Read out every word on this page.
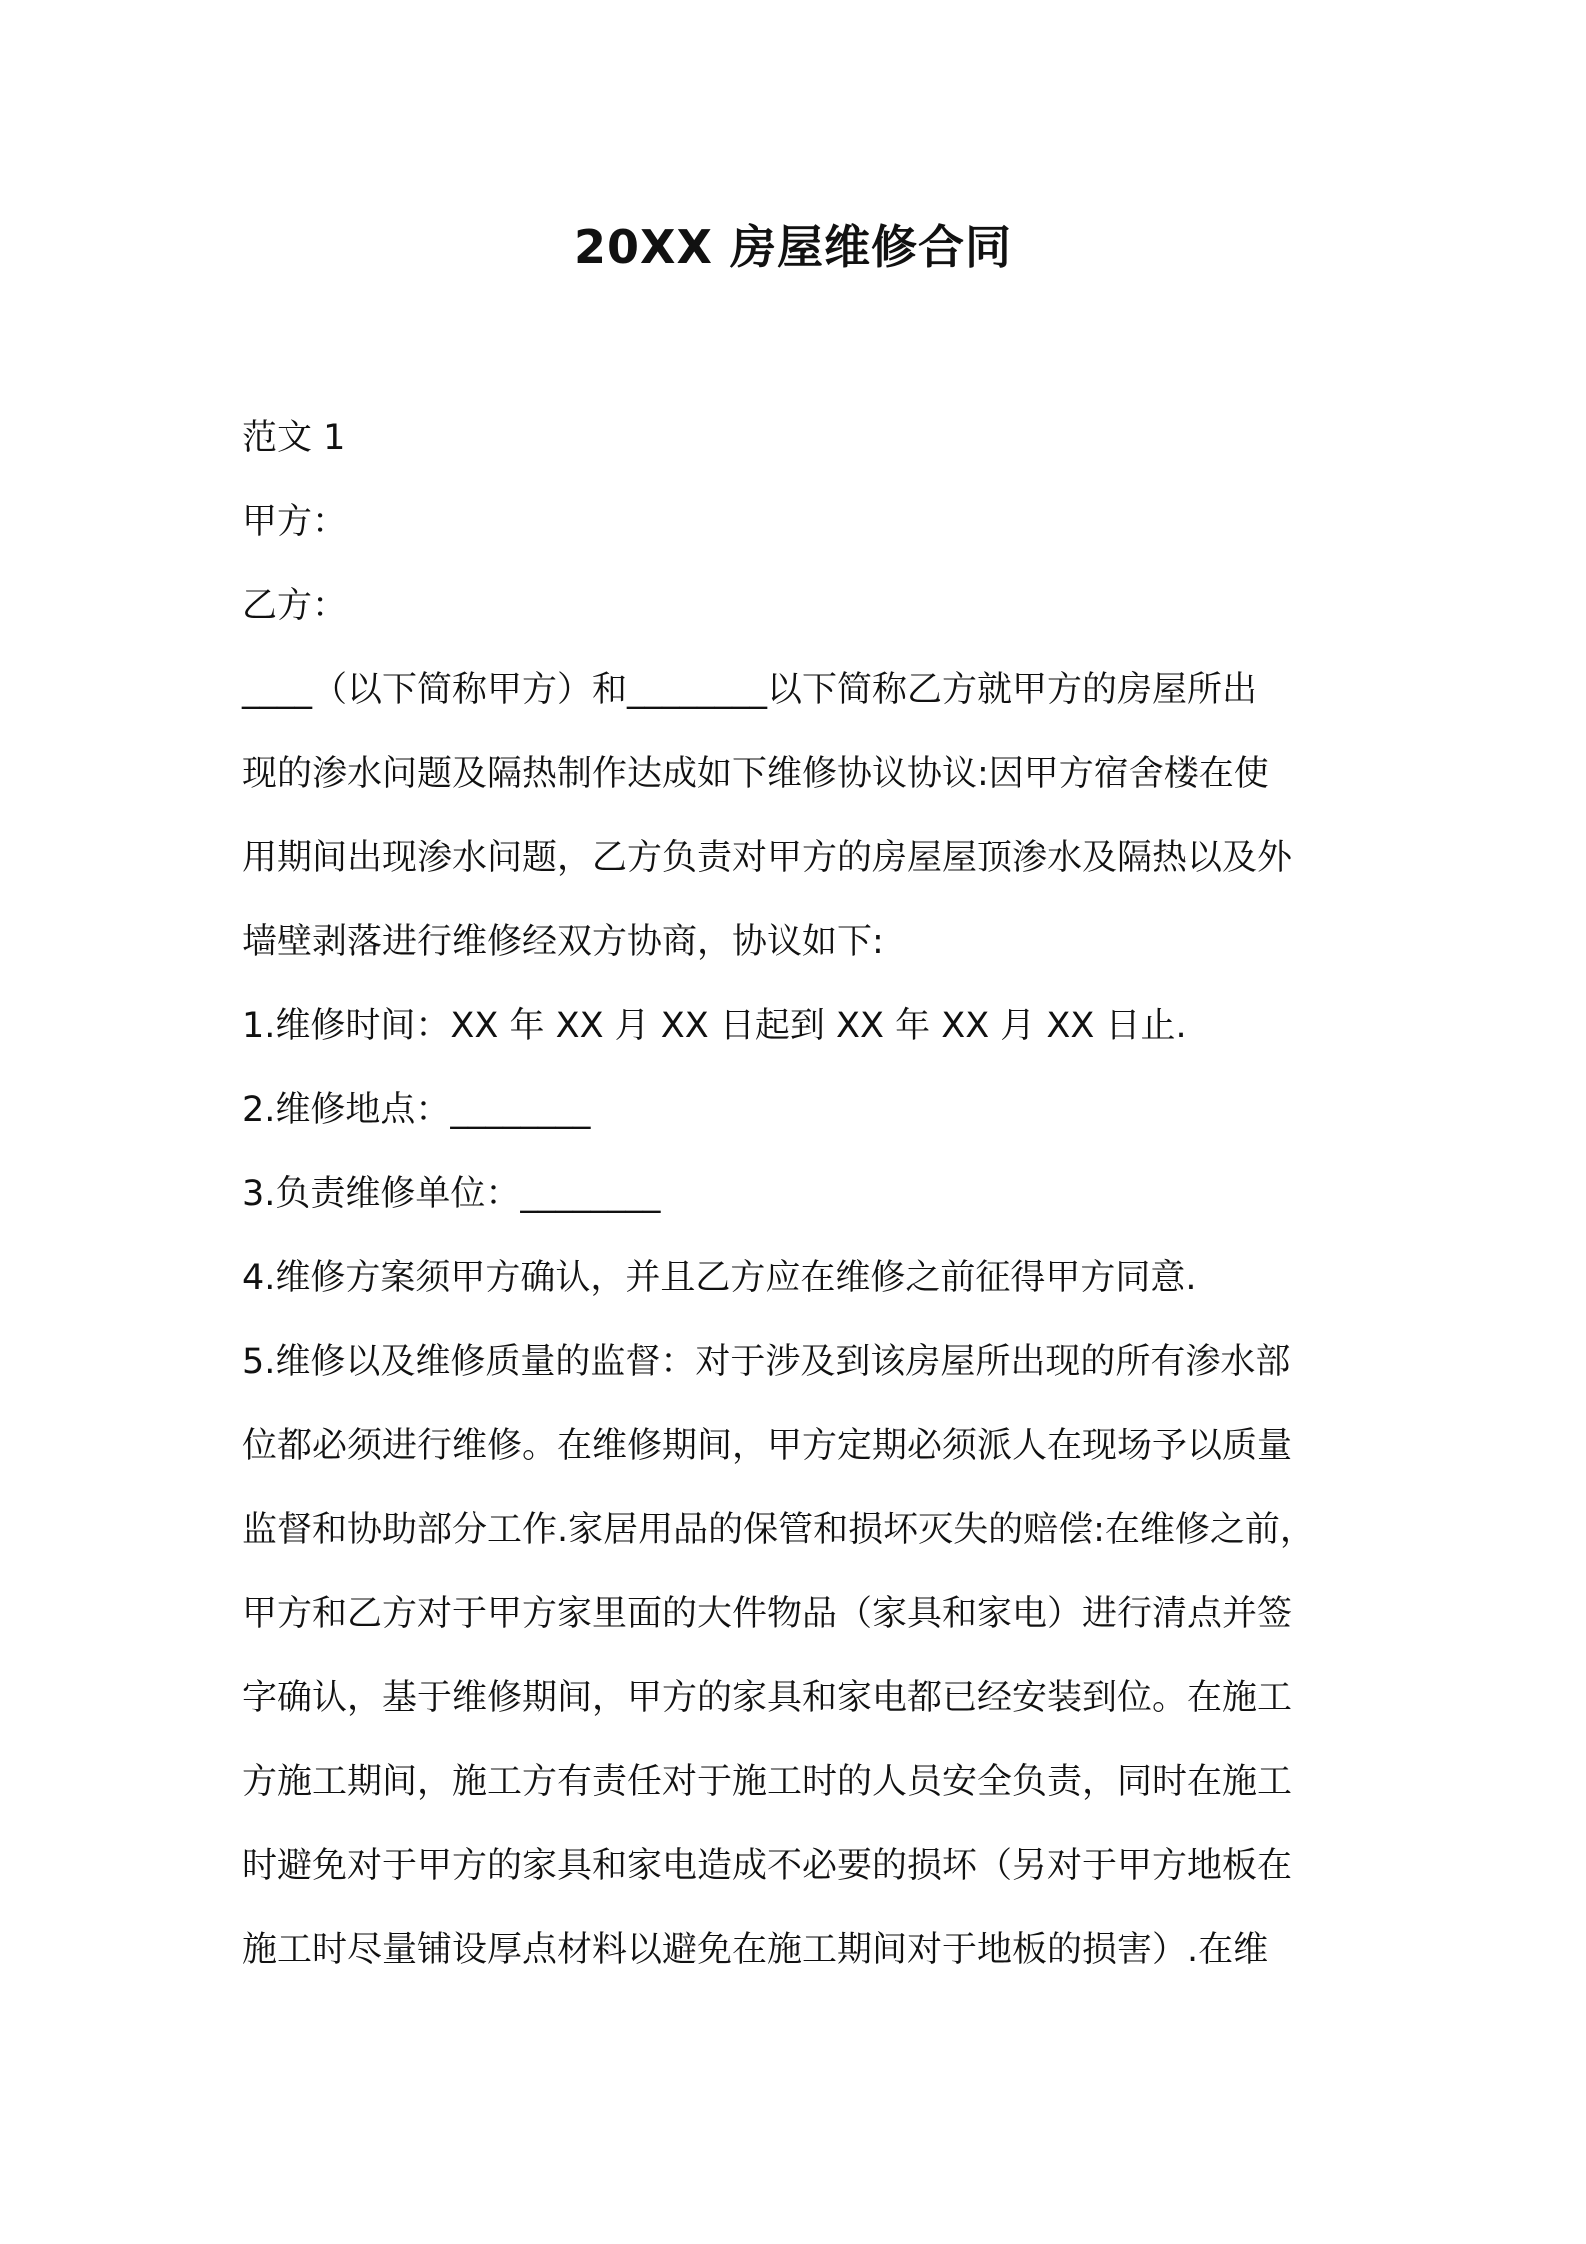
20XX 房屋维修合同
范文 1
甲方：
乙方：
____（以下简称甲方）和________以下简称乙方就甲方的房屋所出
现的渗水问题及隔热制作达成如下维修协议协议:因甲方宿舍楼在使
用期间出现渗水问题，乙方负责对甲方的房屋屋顶渗水及隔热以及外
墙壁剥落进行维修经双方协商，协议如下:
1.维修时间：XX 年 XX 月 XX 日起到 XX 年 XX 月 XX 日止.
2.维修地点：________
3.负责维修单位：________
4.维修方案须甲方确认，并且乙方应在维修之前征得甲方同意.
5.维修以及维修质量的监督：对于涉及到该房屋所出现的所有渗水部
位都必须进行维修。在维修期间，甲方定期必须派人在现场予以质量
监督和协助部分工作.家居用品的保管和损坏灭失的赔偿:在维修之前，
甲方和乙方对于甲方家里面的大件物品（家具和家电）进行清点并签
字确认，基于维修期间，甲方的家具和家电都已经安装到位。在施工
方施工期间，施工方有责任对于施工时的人员安全负责，同时在施工
时避免对于甲方的家具和家电造成不必要的损坏（另对于甲方地板在
施工时尽量铺设厚点材料以避免在施工期间对于地板的损害）.在维
